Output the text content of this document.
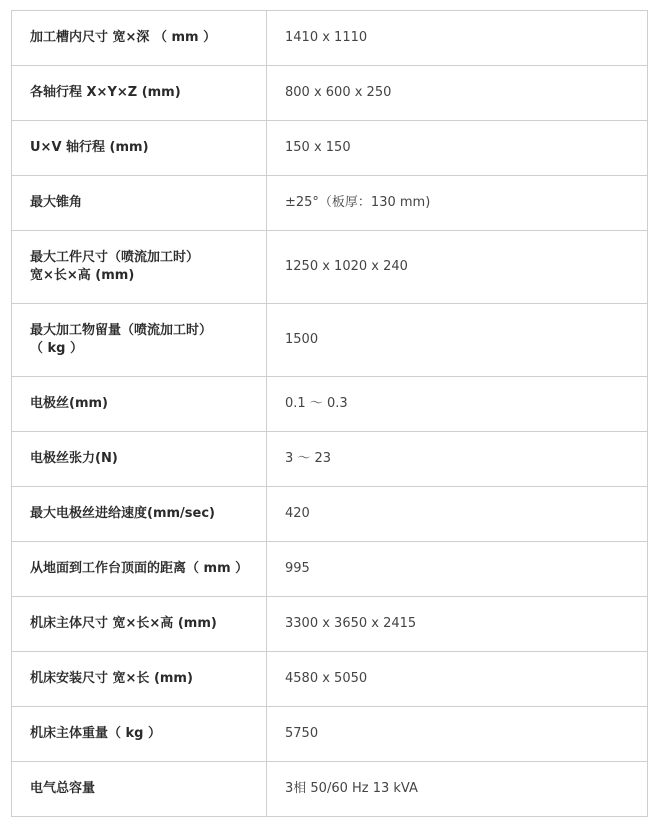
加工槽内尺寸 宽×深 （ mm ）	1410 x 1110

各轴行程 X×Y×Z (mm)	800 x 600 x 250

U×V 轴行程 (mm)	150 x 150

最大锥角	±25°（板厚：130 mm)

最大工件尺寸（喷流加工时）
宽×长×高 (mm)	1250 x 1020 x 240

最大加工物留量（喷流加工时）
（ kg ）	1500

电极丝(mm)	0.1 ～ 0.3

电极丝张力(N)	3 ～ 23

最大电极丝进给速度(mm/sec)	420

从地面到工作台顶面的距离（ mm ）	995

机床主体尺寸 宽×长×高 (mm)	3300 x 3650 x 2415

机床安装尺寸 宽×长 (mm)	4580 x 5050

机床主体重量（ kg ）	5750

电气总容量	3相 50/60 Hz 13 kVA
